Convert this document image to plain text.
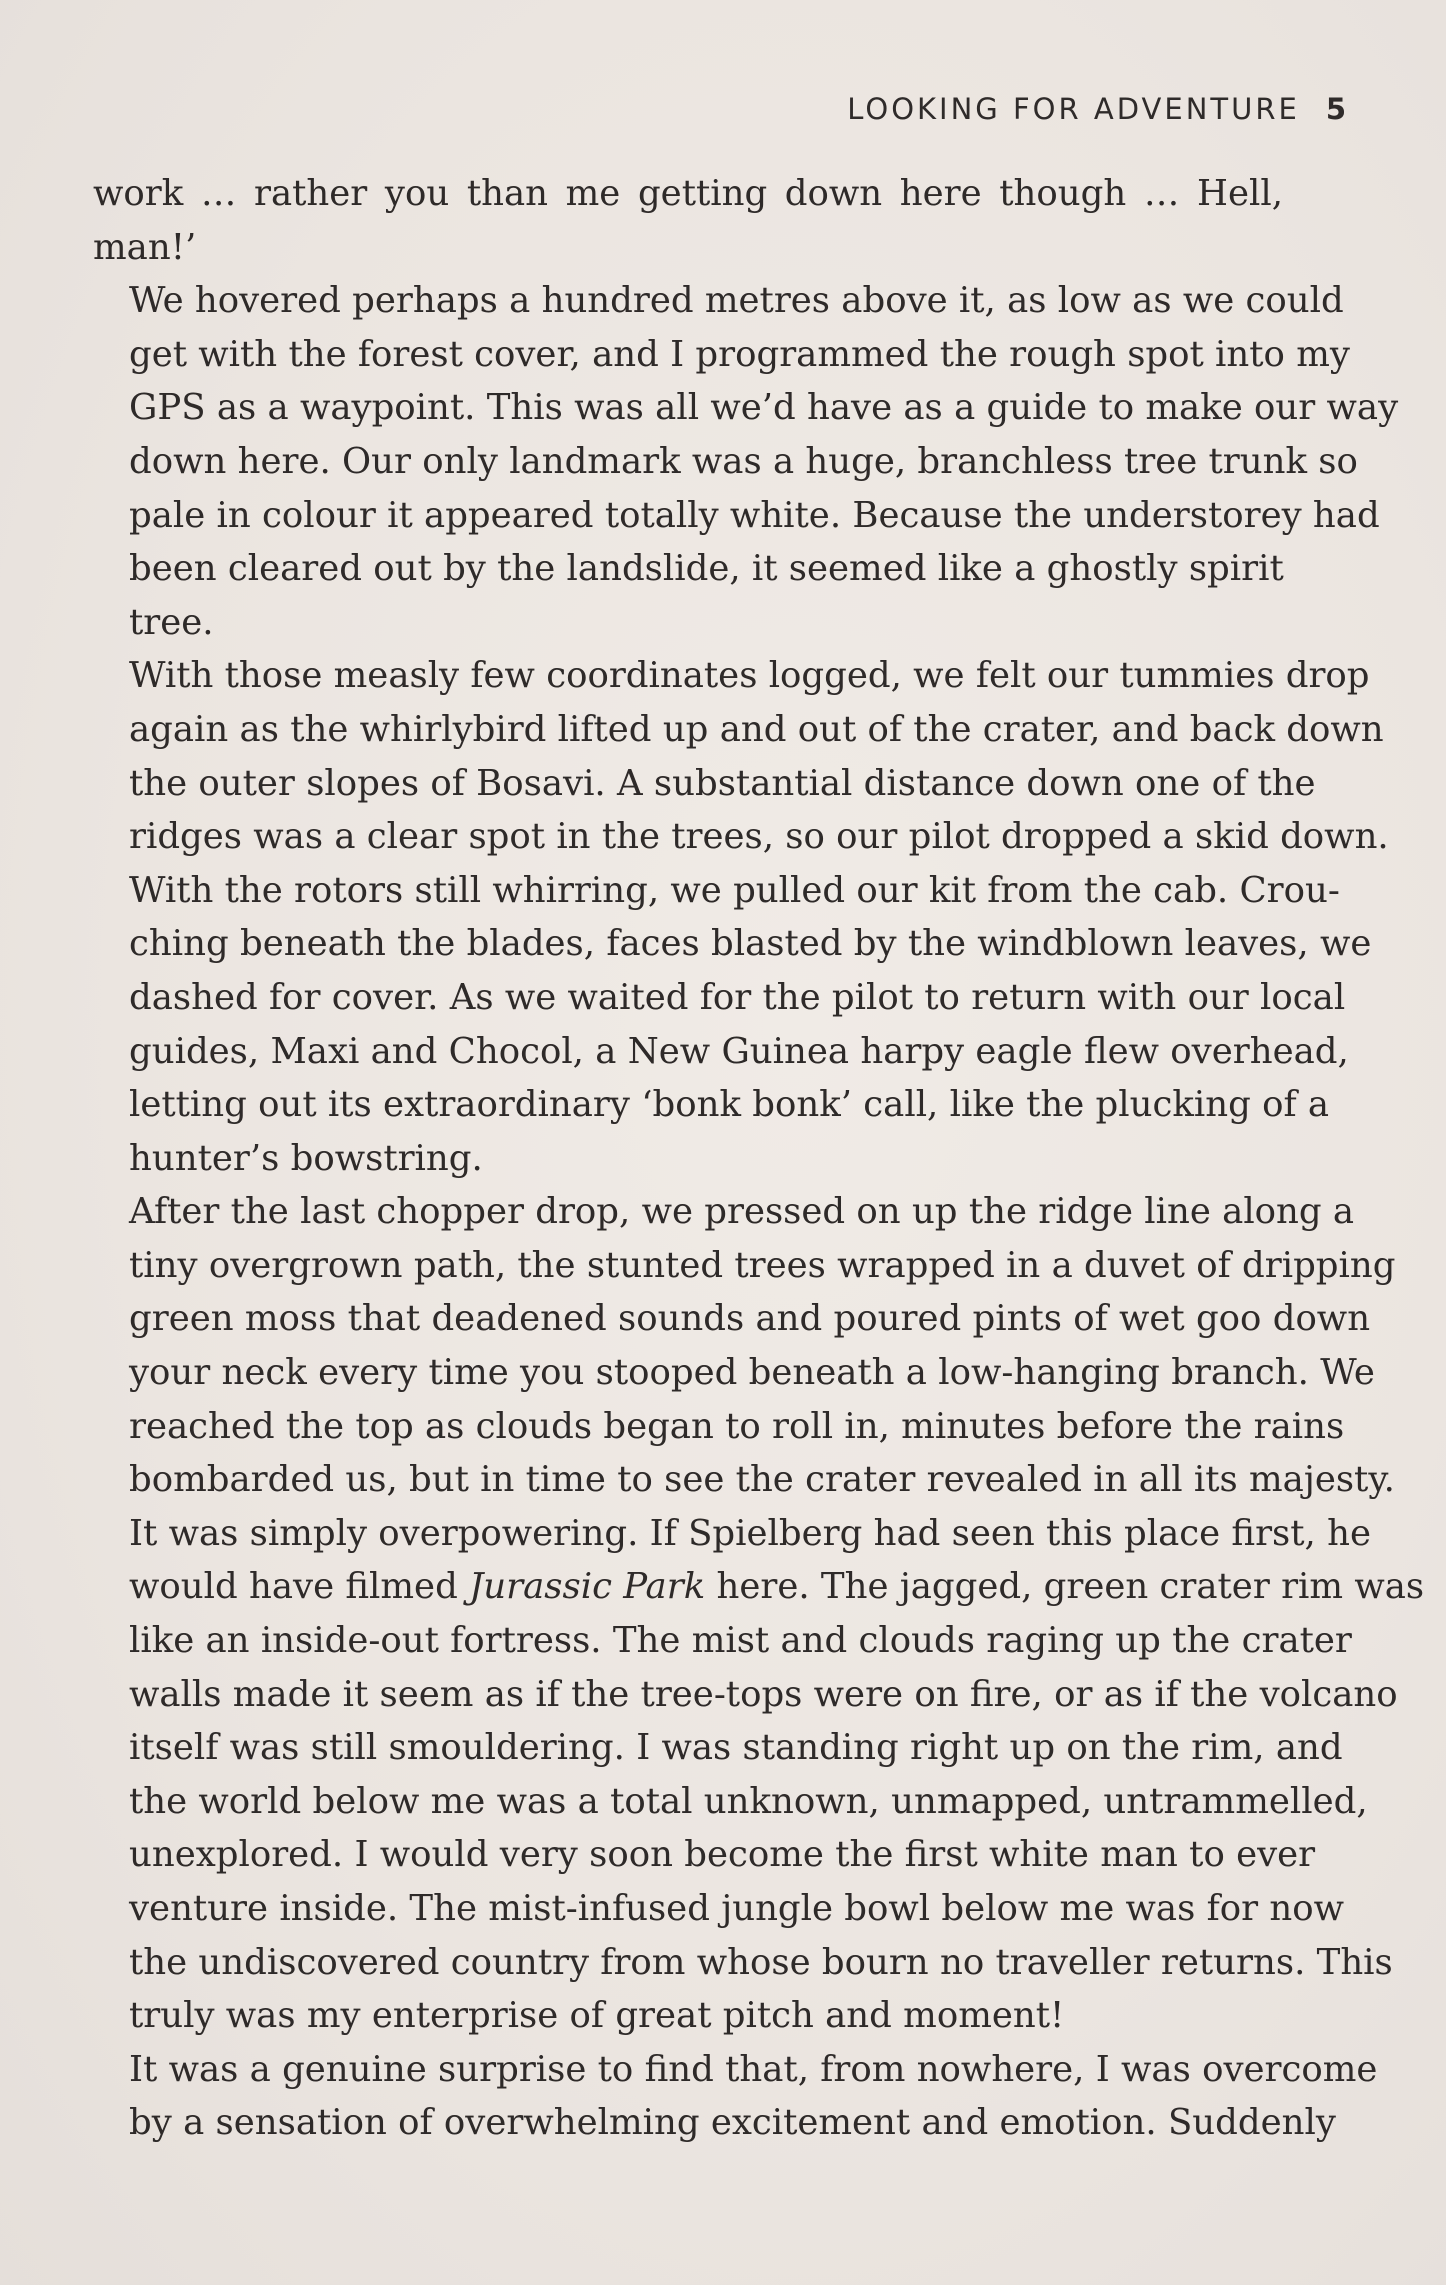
LOOKING FOR ADVENTURE 5

work … rather you than me getting down here though … Hell,
man!’

We hovered perhaps a hundred metres above it, as low as we could
get with the forest cover, and I programmed the rough spot into my
GPS as a waypoint. This was all we’d have as a guide to make our way
down here. Our only landmark was a huge, branchless tree trunk so
pale in colour it appeared totally white. Because the understorey had
been cleared out by the landslide, it seemed like a ghostly spirit
tree.

With those measly few coordinates logged, we felt our tummies drop
again as the whirlybird lifted up and out of the crater, and back down
the outer slopes of Bosavi. A substantial distance down one of the
ridges was a clear spot in the trees, so our pilot dropped a skid down.
With the rotors still whirring, we pulled our kit from the cab. Crou-
ching beneath the blades, faces blasted by the windblown leaves, we
dashed for cover. As we waited for the pilot to return with our local
guides, Maxi and Chocol, a New Guinea harpy eagle flew overhead,
letting out its extraordinary ‘bonk bonk’ call, like the plucking of a
hunter’s bowstring.

After the last chopper drop, we pressed on up the ridge line along a
tiny overgrown path, the stunted trees wrapped in a duvet of dripping
green moss that deadened sounds and poured pints of wet goo down
your neck every time you stooped beneath a low-hanging branch. We
reached the top as clouds began to roll in, minutes before the rains
bombarded us, but in time to see the crater revealed in all its majesty.
It was simply overpowering. If Spielberg had seen this place first, he
would have filmed Jurassic Park here. The jagged, green crater rim was
like an inside-out fortress. The mist and clouds raging up the crater
walls made it seem as if the tree-tops were on fire, or as if the volcano
itself was still smouldering. I was standing right up on the rim, and
the world below me was a total unknown, unmapped, untrammelled,
unexplored. I would very soon become the first white man to ever
venture inside. The mist-infused jungle bowl below me was for now
the undiscovered country from whose bourn no traveller returns. This
truly was my enterprise of great pitch and moment!

It was a genuine surprise to find that, from nowhere, I was overcome
by a sensation of overwhelming excitement and emotion. Suddenly
